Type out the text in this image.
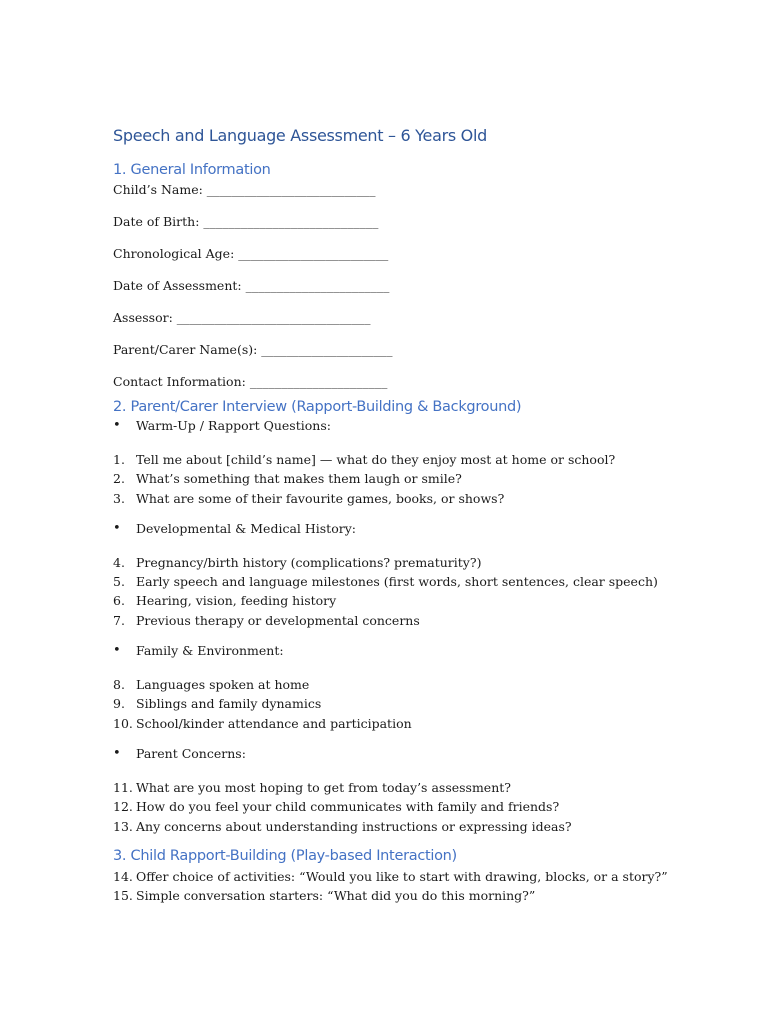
Speech and Language Assessment – 6 Years Old
1. General Information
Child’s Name: ___________________________
Date of Birth: ____________________________
Chronological Age: ________________________
Date of Assessment: _______________________
Assessor: _______________________________
Parent/Carer Name(s): _____________________
Contact Information: ______________________
2. Parent/Carer Interview (Rapport-Building & Background)
• Warm-Up / Rapport Questions:
1. Tell me about [child’s name] — what do they enjoy most at home or school?
2. What’s something that makes them laugh or smile?
3. What are some of their favourite games, books, or shows?
• Developmental & Medical History:
4. Pregnancy/birth history (complications? prematurity?)
5. Early speech and language milestones (first words, short sentences, clear speech)
6. Hearing, vision, feeding history
7. Previous therapy or developmental concerns
• Family & Environment:
8. Languages spoken at home
9. Siblings and family dynamics
10. School/kinder attendance and participation
• Parent Concerns:
11. What are you most hoping to get from today’s assessment?
12. How do you feel your child communicates with family and friends?
13. Any concerns about understanding instructions or expressing ideas?
3. Child Rapport-Building (Play-based Interaction)
14. Offer choice of activities: “Would you like to start with drawing, blocks, or a story?”
15. Simple conversation starters: “What did you do this morning?”
